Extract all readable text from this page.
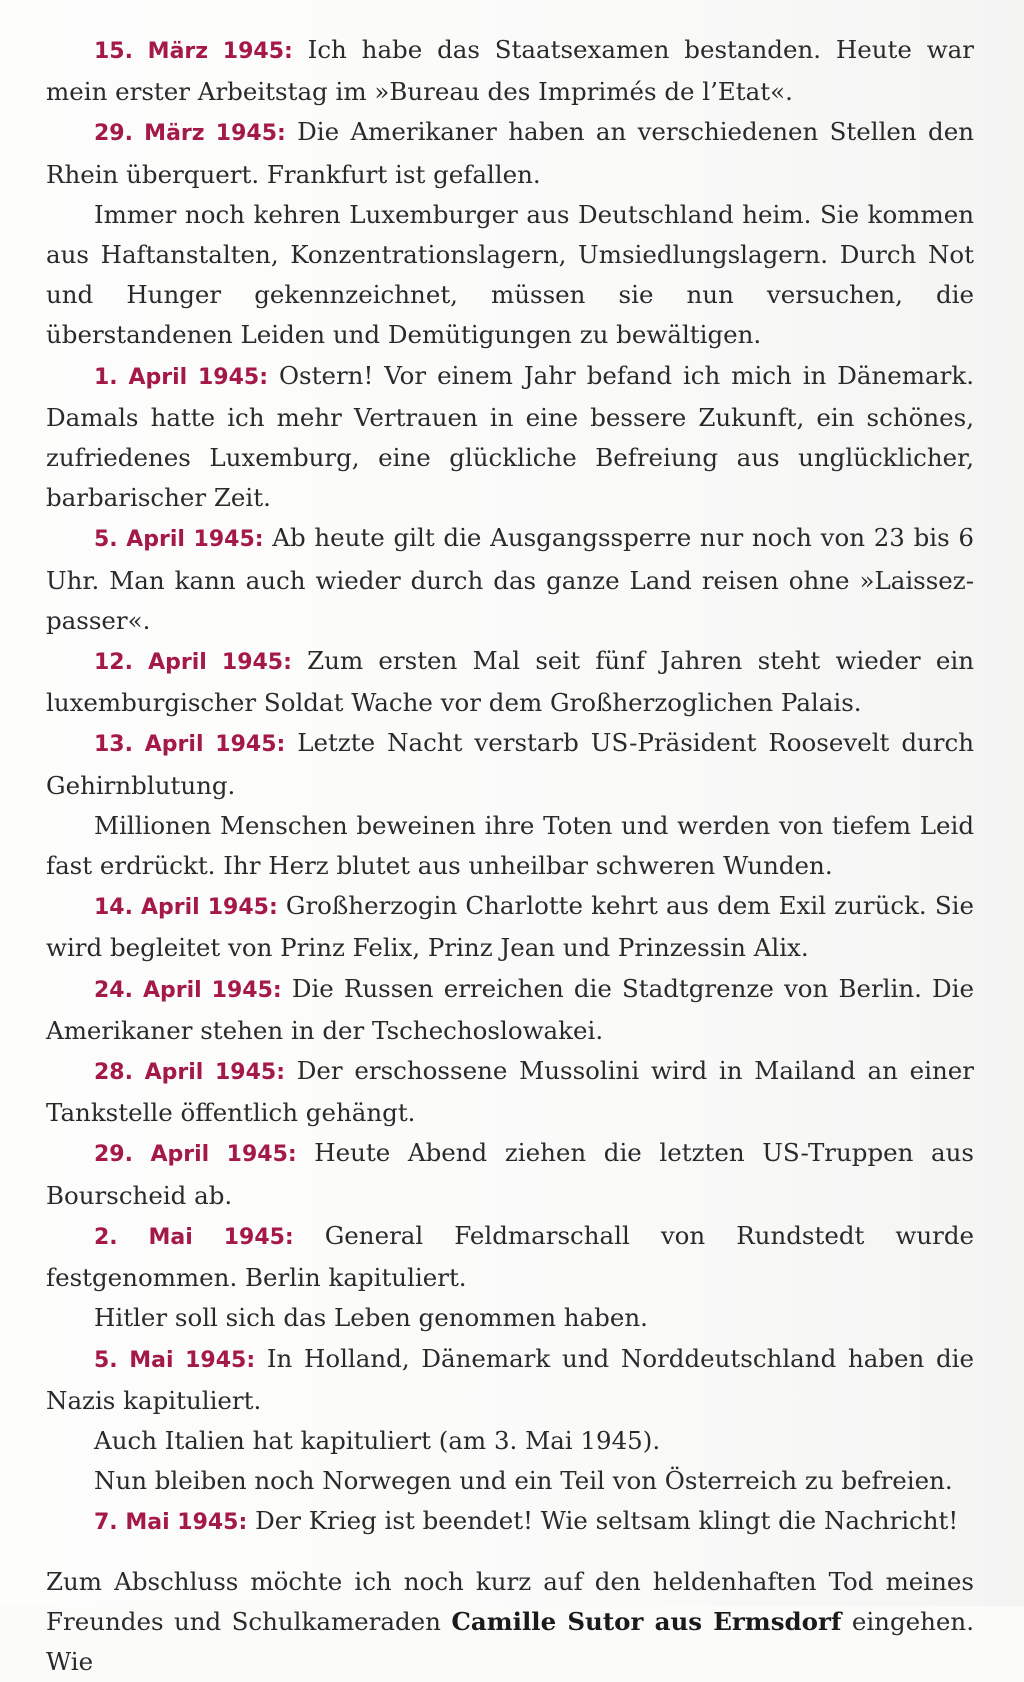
15. März 1945: Ich habe das Staatsexamen bestanden. Heute war mein erster Arbeitstag im »Bureau des Imprimés de l’Etat«.

29. März 1945: Die Amerikaner haben an verschiedenen Stellen den Rhein überquert. Frankfurt ist gefallen.

Immer noch kehren Luxemburger aus Deutschland heim. Sie kommen aus Haftanstalten, Konzentrationslagern, Umsiedlungslagern. Durch Not und Hunger gekennzeichnet, müssen sie nun versuchen, die überstandenen Leiden und Demütigungen zu bewältigen.

1. April 1945: Ostern! Vor einem Jahr befand ich mich in Dänemark. Damals hatte ich mehr Vertrauen in eine bessere Zukunft, ein schönes, zufriedenes Luxemburg, eine glückliche Befreiung aus unglücklicher, barbarischer Zeit.

5. April 1945: Ab heute gilt die Ausgangssperre nur noch von 23 bis 6 Uhr. Man kann auch wieder durch das ganze Land reisen ohne »Laissez-passer«.

12. April 1945: Zum ersten Mal seit fünf Jahren steht wieder ein luxemburgischer Soldat Wache vor dem Großherzoglichen Palais.

13. April 1945: Letzte Nacht verstarb US-Präsident Roosevelt durch Gehirnblutung.

Millionen Menschen beweinen ihre Toten und werden von tiefem Leid fast erdrückt. Ihr Herz blutet aus unheilbar schweren Wunden.

14. April 1945: Großherzogin Charlotte kehrt aus dem Exil zurück. Sie wird begleitet von Prinz Felix, Prinz Jean und Prinzessin Alix.

24. April 1945: Die Russen erreichen die Stadtgrenze von Berlin. Die Amerikaner stehen in der Tschechoslowakei.

28. April 1945: Der erschossene Mussolini wird in Mailand an einer Tankstelle öffentlich gehängt.

29. April 1945: Heute Abend ziehen die letzten US-Truppen aus Bourscheid ab.

2. Mai 1945: General Feldmarschall von Rundstedt wurde festgenommen. Berlin kapituliert.

Hitler soll sich das Leben genommen haben.

5. Mai 1945: In Holland, Dänemark und Norddeutschland haben die Nazis kapituliert.

Auch Italien hat kapituliert (am 3. Mai 1945).

Nun bleiben noch Norwegen und ein Teil von Österreich zu befreien.

7. Mai 1945: Der Krieg ist beendet! Wie seltsam klingt die Nachricht!

Zum Abschluss möchte ich noch kurz auf den heldenhaften Tod meines Freundes und Schulkameraden Camille Sutor aus Ermsdorf eingehen. Wie
